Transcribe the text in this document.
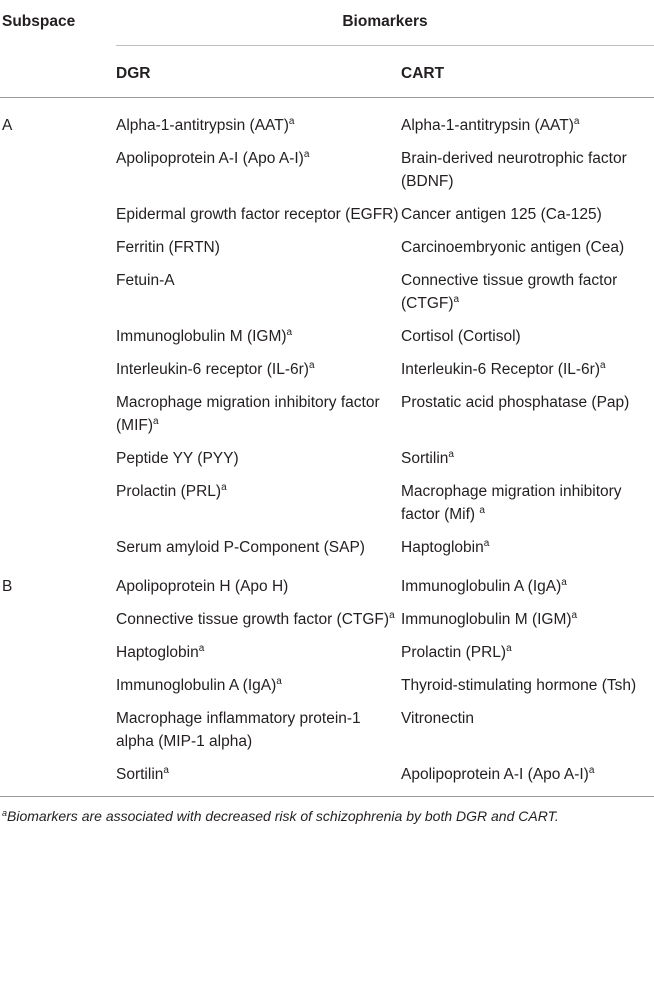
Subspace	Biomarkers	
	DGR	CART
A	Alpha-1-antitrypsin (AAT)$^a$	Alpha-1-antitrypsin (AAT)$^a$
	Apolipoprotein A-I (Apo A-I)$^a$	Brain-derived neurotrophic factor (BDNF)
	Epidermal growth factor receptor (EGFR)	Cancer antigen 125 (Ca-125)
	Ferritin (FRTN)	Carcinoembryonic antigen (Cea)
	Fetuin-A	Connective tissue growth factor (CTGF)$^a$
	Immunoglobulin M (IGM)$^a$	Cortisol (Cortisol)
	Interleukin-6 receptor $(IL-6r)^a$	Interleukin-6 Receptor $(IL-6r)^a$
	Macrophage migration inhibitory factor (MIF)$^a$	Prostatic acid phosphatase (Pap)
	Peptide YY (PYY)	Sortilin$^a$
	Prolactin (PRL)$^a$	Macrophage migration inhibitory factor (Mif) $^a$
	Serum amyloid P-Component (SAP)	Haptoglobin$^a$
B	Apolipoprotein H (Apo H)	Immunoglobulin A (IgA)$^a$
	Connective tissue growth factor (CTGF)$^a$	Immunoglobulin M (IGM)$^a$
	Haptoglobin$^a$	Prolactin (PRL)$^a$
	Immunoglobulin A (IgA)$^a$	Thyroid-stimulating hormone (Tsh)
	Macrophage inflammatory protein-1 alpha (MIP-1 alpha)	Vitronectin
	Sortilin$^a$	Apolipoprotein A-I (Apo A-I)$^a$
$^a$Biomarkers are associated with decreased risk of schizophrenia by both DGR and CART.
